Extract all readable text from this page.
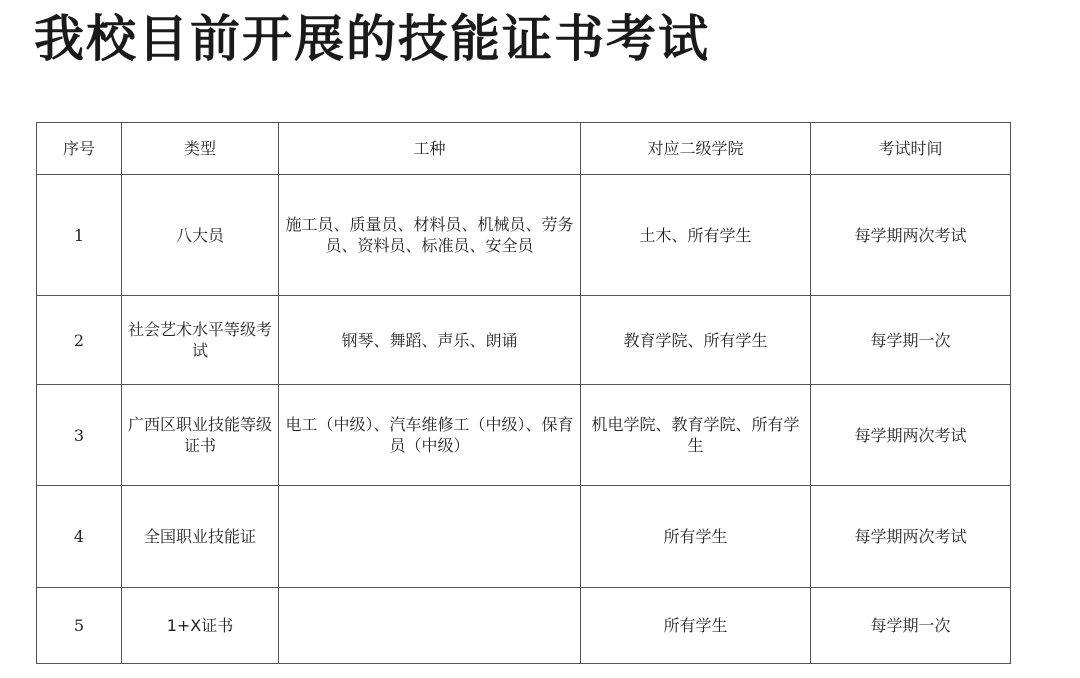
我校目前开展的技能证书考试
序号	类型	工种	对应二级学院	考试时间
1	八大员	施工员、质量员、材料员、机械员、劳务员、资料员、标准员、安全员	土木、所有学生	每学期两次考试
2	社会艺术水平等级考试	钢琴、舞蹈、声乐、朗诵	教育学院、所有学生	每学期一次
3	广西区职业技能等级证书	电工（中级）、汽车维修工（中级）、保育员（中级）	机电学院、教育学院、所有学生	每学期两次考试
4	全国职业技能证		所有学生	每学期两次考试
5	1+X证书		所有学生	每学期一次
